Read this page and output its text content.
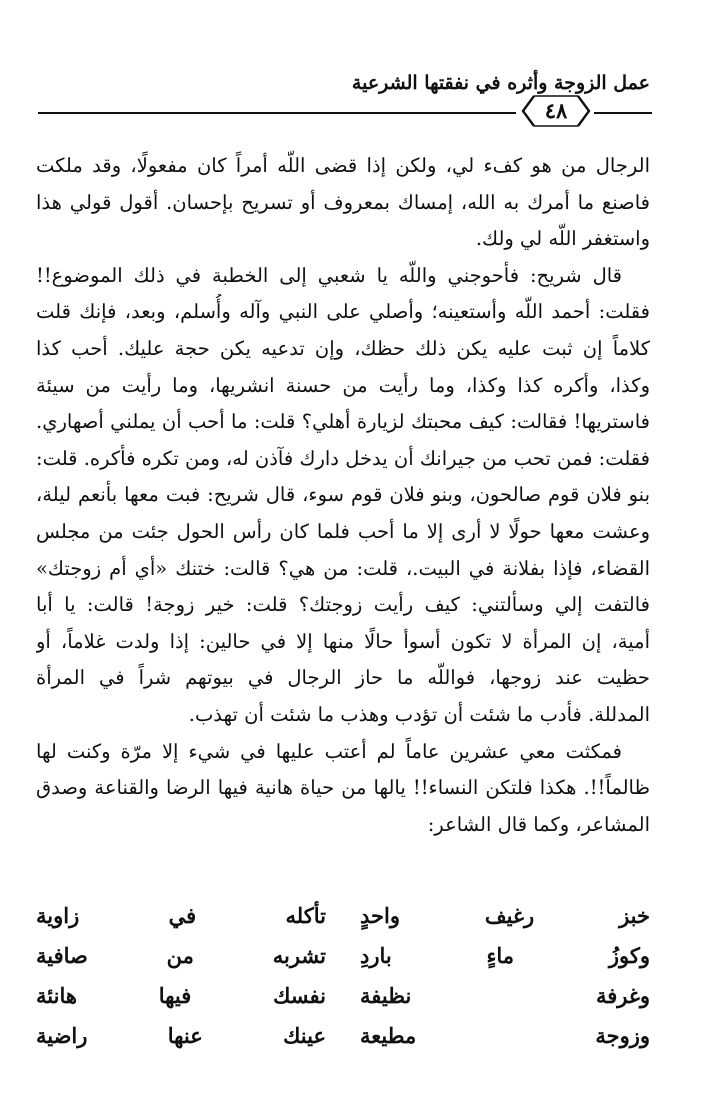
عمل الزوجة وأثره في نفقتها الشرعية
٤٨
الرجال من هو كفء لي، ولكن إذا قضى اللّه أمراً كان مفعولًا، وقد ملكت
فاصنع ما أمرك به الله، إمساك بمعروف أو تسريح بإحسان. أقول قولي هذا
واستغفر اللّه لي ولك.
قال شريح: فأحوجني واللّه يا شعبي إلى الخطبة في ذلك الموضوع!!
فقلت: أحمد اللّه وأستعينه؛ وأصلي على النبي وآله وأُسلم، وبعد، فإنك قلت
كلاماً إن ثبت عليه يكن ذلك حظك، وإن تدعيه يكن حجة عليك. أحب كذا
وكذا، وأكره كذا وكذا، وما رأيت من حسنة انشريها، وما رأيت من سيئة
فاستريها! فقالت: كيف محبتك لزيارة أهلي؟ قلت: ما أحب أن يملني أصهاري.
فقلت: فمن تحب من جيرانك أن يدخل دارك فآذن له، ومن تكره فأكره. قلت:
بنو فلان قوم صالحون، وبنو فلان قوم سوء، قال شريح: فبت معها بأنعم ليلة،
وعشت معها حولًا لا أرى إلا ما أحب فلما كان رأس الحول جئت من مجلس
القضاء، فإذا بفلانة في البيت.، قلت: من هي؟ قالت: ختنك «أي أم زوجتك»
فالتفت إلي وسألتني: كيف رأيت زوجتك؟ قلت: خير زوجة! قالت: يا أبا
أمية، إن المرأة لا تكون أسوأ حالًا منها إلا في حالين: إذا ولدت غلاماً، أو
حظيت عند زوجها، فواللّه ما حاز الرجال في بيوتهم شراً في المرأة
المدللة. فأدب ما شئت أن تؤدب وهذب ما شئت أن تهذب.
فمكثت معي عشرين عاماً لم أعتب عليها في شيء إلا مرّة وكنت لها
ظالماً!!. هكذا فلتكن النساء!! يالها من حياة هانية فيها الرضا والقناعة وصدق
المشاعر، وكما قال الشاعر:
خبز رغيف واحدٍ
تأكله في زاوية
وكوزُ ماءٍ باردِ
تشربه من صافية
وغرفة نظيفة
نفسك فيها هانئة
وزوجة مطيعة
عينك عنها راضية
